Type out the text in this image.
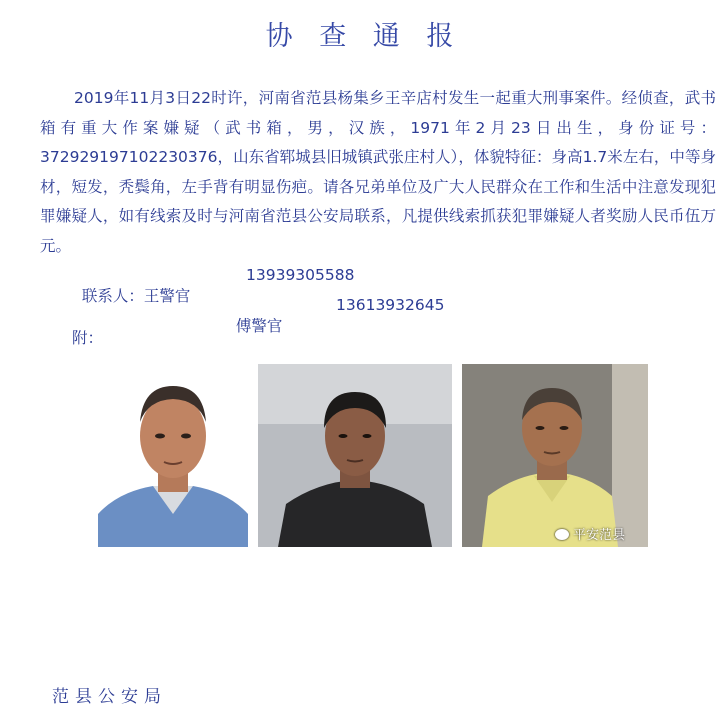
协 查 通 报

2019年11月3日22时许，河南省范县杨集乡王辛店村发生一起重大刑事案件。经侦查，武书箱有重大作案嫌疑（武书箱，男，汉族，1971年2月23日出生，身份证号：372929197102230376，山东省郓城县旧城镇武张庄村人），体貌特征：身高1.7米左右，中等身材，短发，秃鬓角，左手背有明显伤疤。请各兄弟单位及广大人民群众在工作和生活中注意发现犯罪嫌疑人，如有线索及时与河南省范县公安局联系，凡提供线索抓获犯罪嫌疑人者奖励人民币伍万元。

联系人：王警官

13939305588

傅警官

13613932645

附：
平安范县
范县公安局
